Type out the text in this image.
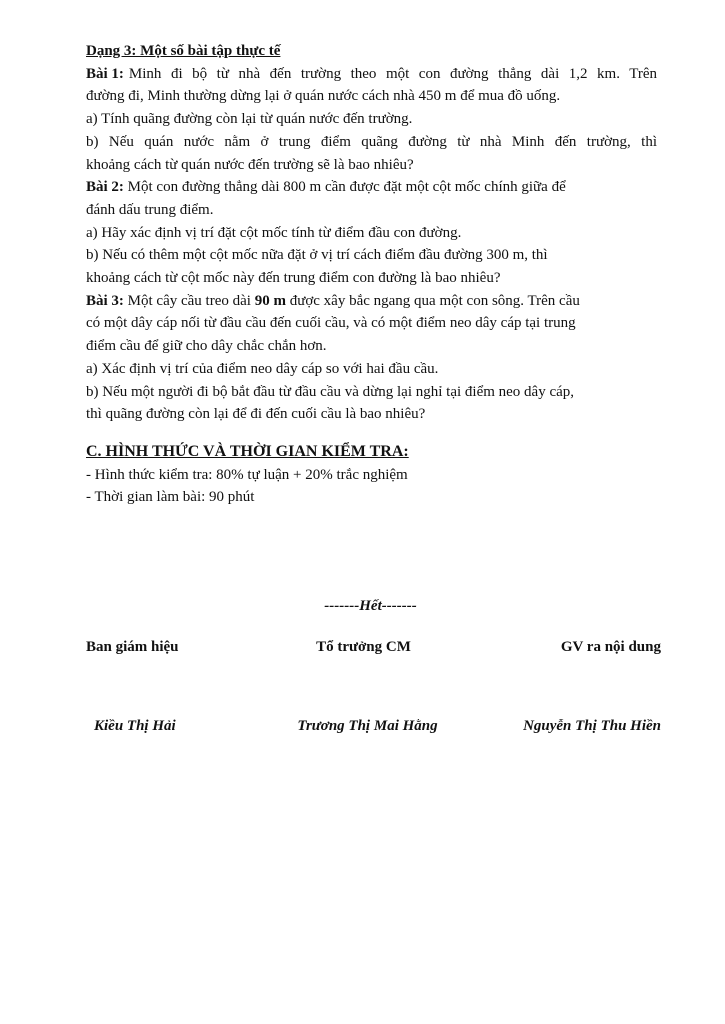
Dạng 3: Một số bài tập thực tế
Bài 1: Minh đi bộ từ nhà đến trường theo một con đường thẳng dài 1,2 km. Trên
đường đi, Minh thường dừng lại ở quán nước cách nhà 450 m để mua đồ uống.
a) Tính quãng đường còn lại từ quán nước đến trường.
b) Nếu quán nước nằm ở trung điểm quãng đường từ nhà Minh đến trường, thì
khoảng cách từ quán nước đến trường sẽ là bao nhiêu?
Bài 2: Một con đường thẳng dài 800 m cần được đặt một cột mốc chính giữa để
đánh dấu trung điểm.
a) Hãy xác định vị trí đặt cột mốc tính từ điểm đầu con đường.
b) Nếu có thêm một cột mốc nữa đặt ở vị trí cách điểm đầu đường 300 m, thì
khoảng cách từ cột mốc này đến trung điểm con đường là bao nhiêu?
Bài 3: Một cây cầu treo dài 90 m được xây bắc ngang qua một con sông. Trên cầu
có một dây cáp nối từ đầu cầu đến cuối cầu, và có một điểm neo dây cáp tại trung
điểm cầu để giữ cho dây chắc chắn hơn.
a) Xác định vị trí của điểm neo dây cáp so với hai đầu cầu.
b) Nếu một người đi bộ bắt đầu từ đầu cầu và dừng lại nghỉ tại điểm neo dây cáp,
thì quãng đường còn lại để đi đến cuối cầu là bao nhiêu?
C. HÌNH THỨC VÀ THỜI GIAN KIỂM TRA:
- Hình thức kiểm tra: 80% tự luận + 20% trắc nghiệm
- Thời gian làm bài: 90 phút
-------Hết-------
Ban giám hiệu	Tổ trưởng CM	GV ra nội dung
Kiều Thị Hải	Trương Thị Mai Hằng	Nguyễn Thị Thu Hiền
